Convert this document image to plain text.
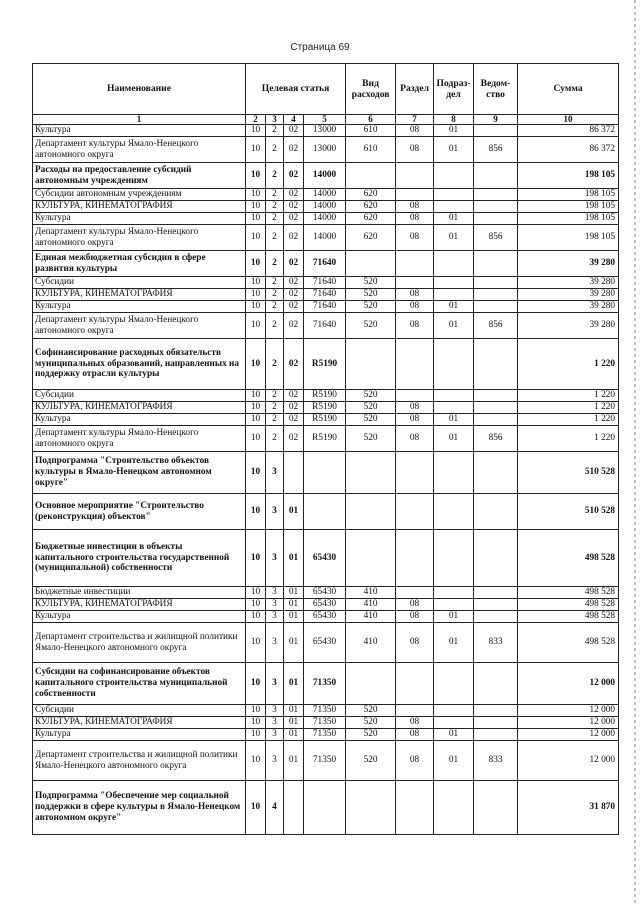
Страница 69
Наименование	Целевая статья				Вид расходов	Раздел	Подраз-дел	Ведом-ство	Сумма
1	2	3	4	5	6	7	8	9	10
Культура	10	2	02	13000	610	08	01		86 372
Департамент культуры Ямало-Ненецкого автономного округа	10	2	02	13000	610	08	01	856	86 372
Расходы на предоставление субсидий автономным учреждениям	10	2	02	14000					198 105
Субсидии автономным учреждениям	10	2	02	14000	620				198 105
КУЛЬТУРА, КИНЕМАТОГРАФИЯ	10	2	02	14000	620	08			198 105
Культура	10	2	02	14000	620	08	01		198 105
Департамент культуры Ямало-Ненецкого автономного округа	10	2	02	14000	620	08	01	856	198 105
Единая межбюджетная субсидия в сфере развития культуры	10	2	02	71640					39 280
Субсидии	10	2	02	71640	520				39 280
КУЛЬТУРА, КИНЕМАТОГРАФИЯ	10	2	02	71640	520	08			39 280
Культура	10	2	02	71640	520	08	01		39 280
Департамент культуры Ямало-Ненецкого автономного округа	10	2	02	71640	520	08	01	856	39 280
Софинансирование расходных обязательств муниципальных образований, направленных на поддержку отрасли культуры	10	2	02	R5190					1 220
Субсидии	10	2	02	R5190	520				1 220
КУЛЬТУРА, КИНЕМАТОГРАФИЯ	10	2	02	R5190	520	08			1 220
Культура	10	2	02	R5190	520	08	01		1 220
Департамент культуры Ямало-Ненецкого автономного округа	10	2	02	R5190	520	08	01	856	1 220
Подпрограмма "Строительство объектов культуры в Ямало-Ненецком автономном округе"	10	3							510 528
Основное мероприятие "Строительство (реконструкция) объектов"	10	3	01						510 528
Бюджетные инвестиции в объекты капитального строительства государственной (муниципальной) собственности	10	3	01	65430					498 528
Бюджетные инвестиции	10	3	01	65430	410				498 528
КУЛЬТУРА, КИНЕМАТОГРАФИЯ	10	3	01	65430	410	08			498 528
Культура	10	3	01	65430	410	08	01		498 528
Департамент строительства и жилищной политики Ямало-Ненецкого автономного округа	10	3	01	65430	410	08	01	833	498 528
Субсидии на софинансирование объектов капитального строительства муниципальной собственности	10	3	01	71350					12 000
Субсидии	10	3	01	71350	520				12 000
КУЛЬТУРА, КИНЕМАТОГРАФИЯ	10	3	01	71350	520	08			12 000
Культура	10	3	01	71350	520	08	01		12 000
Департамент строительства и жилищной политики Ямало-Ненецкого автономного округа	10	3	01	71350	520	08	01	833	12 000
Подпрограмма "Обеспечение мер социальной поддержки в сфере культуры в Ямало-Ненецком автономном округе"	10	4							31 870
